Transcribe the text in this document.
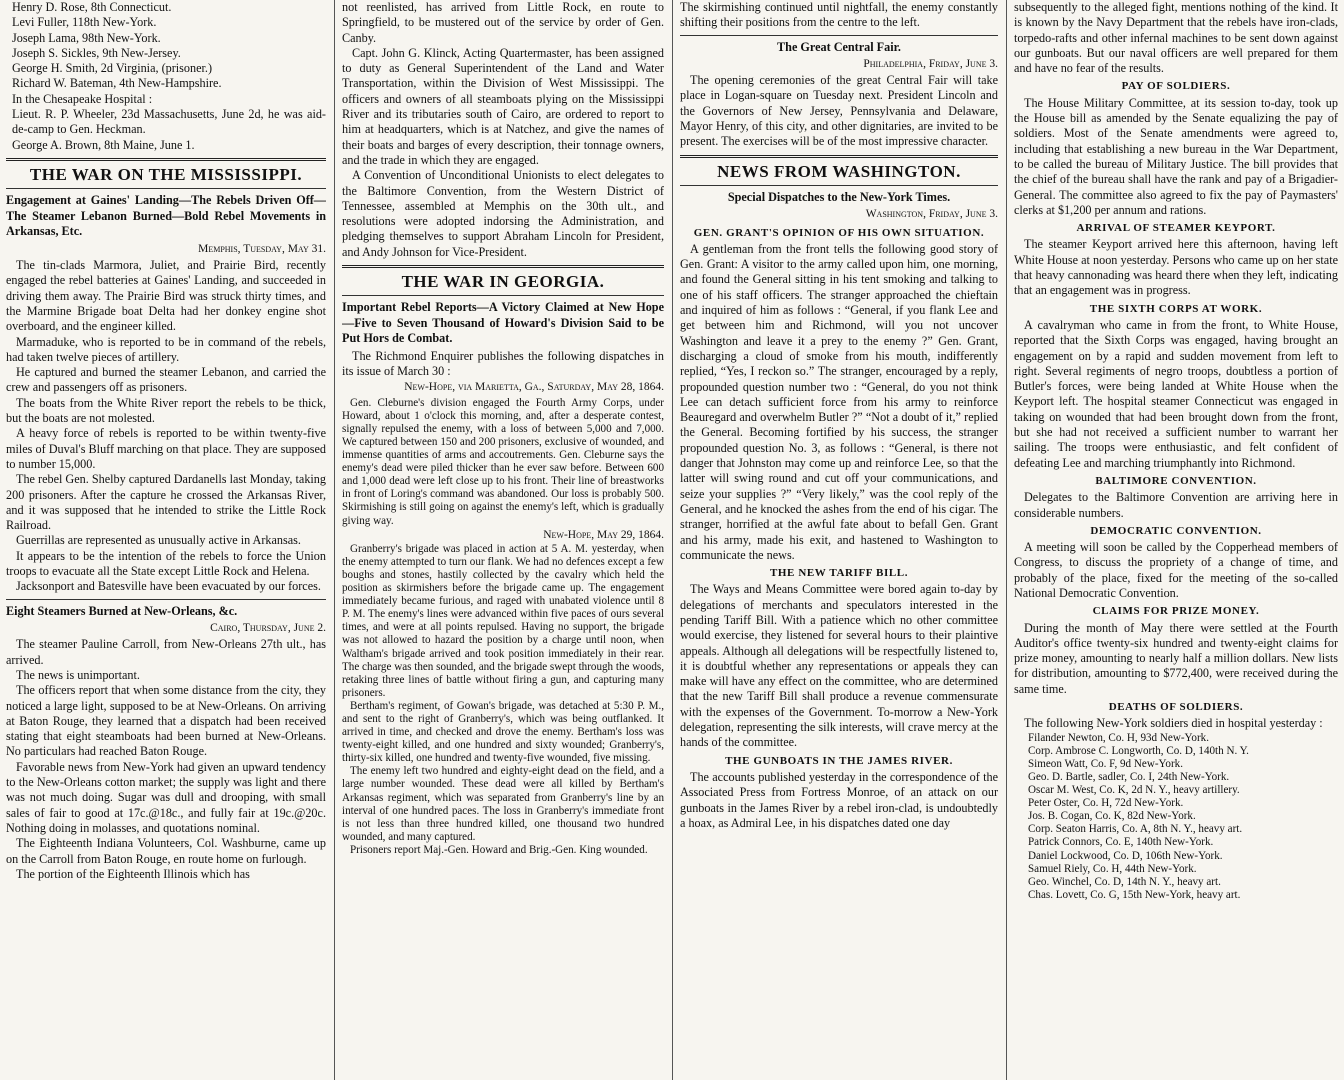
Henry D. Rose, 8th Connecticut.

Levi Fuller, 118th New-York.

Joseph Lama, 98th New-York.

Joseph S. Sickles, 9th New-Jersey.

George H. Smith, 2d Virginia, (prisoner.)

Richard W. Bateman, 4th New-Hampshire.

In the Chesapeake Hospital :

Lieut. R. P. Wheeler, 23d Massachusetts, June 2d, he was aid-de-camp to Gen. Heckman.

George A. Brown, 8th Maine, June 1.

THE WAR ON THE MISSISSIPPI.
Engagement at Gaines' Landing—The Rebels Driven Off—The Steamer Lebanon Burned—Bold Rebel Movements in Arkansas, Etc.
Memphis, Tuesday, May 31.

The tin-clads Marmora, Juliet, and Prairie Bird, recently engaged the rebel batteries at Gaines' Landing, and succeeded in driving them away. The Prairie Bird was struck thirty times, and the Marmine Brigade boat Delta had her donkey engine shot overboard, and the engineer killed.

Marmaduke, who is reported to be in command of the rebels, had taken twelve pieces of artillery.

He captured and burned the steamer Lebanon, and carried the crew and passengers off as prisoners.

The boats from the White River report the rebels to be thick, but the boats are not molested.

A heavy force of rebels is reported to be within twenty-five miles of Duval's Bluff marching on that place. They are supposed to number 15,000.

The rebel Gen. Shelby captured Dardanells last Monday, taking 200 prisoners. After the capture he crossed the Arkansas River, and it was supposed that he intended to strike the Little Rock Railroad.

Guerrillas are represented as unusually active in Arkansas.

It appears to be the intention of the rebels to force the Union troops to evacuate all the State except Little Rock and Helena.

Jacksonport and Batesville have been evacuated by our forces.

Eight Steamers Burned at New-Orleans, &c.
Cairo, Thursday, June 2.

The steamer Pauline Carroll, from New-Orleans 27th ult., has arrived.

The news is unimportant.

The officers report that when some distance from the city, they noticed a large light, supposed to be at New-Orleans. On arriving at Baton Rouge, they learned that a dispatch had been received stating that eight steamboats had been burned at New-Orleans. No particulars had reached Baton Rouge.

Favorable news from New-York had given an upward tendency to the New-Orleans cotton market; the supply was light and there was not much doing. Sugar was dull and drooping, with small sales of fair to good at 17c.@18c., and fully fair at 19c.@20c. Nothing doing in molasses, and quotations nominal.

The Eighteenth Indiana Volunteers, Col. Washburne, came up on the Carroll from Baton Rouge, en route home on furlough.

The portion of the Eighteenth Illinois which has

not reenlisted, has arrived from Little Rock, en route to Springfield, to be mustered out of the service by order of Gen. Canby.

Capt. John G. Klinck, Acting Quartermaster, has been assigned to duty as General Superintendent of the Land and Water Transportation, within the Division of West Mississippi. The officers and owners of all steamboats plying on the Mississippi River and its tributaries south of Cairo, are ordered to report to him at headquarters, which is at Natchez, and give the names of their boats and barges of every description, their tonnage owners, and the trade in which they are engaged.

A Convention of Unconditional Unionists to elect delegates to the Baltimore Convention, from the Western District of Tennessee, assembled at Memphis on the 30th ult., and resolutions were adopted indorsing the Administration, and pledging themselves to support Abraham Lincoln for President, and Andy Johnson for Vice-President.

THE WAR IN GEORGIA.
Important Rebel Reports—A Victory Claimed at New Hope—Five to Seven Thousand of Howard's Division Said to be Put Hors de Combat.

The Richmond Enquirer publishes the following dispatches in its issue of March 30 :

New-Hope, via Marietta, Ga., Saturday, May 28, 1864.

Gen. Cleburne's division engaged the Fourth Army Corps, under Howard, about 1 o'clock this morning, and, after a desperate contest, signally repulsed the enemy, with a loss of between 5,000 and 7,000. We captured between 150 and 200 prisoners, exclusive of wounded, and immense quantities of arms and accoutrements. Gen. Cleburne says the enemy's dead were piled thicker than he ever saw before. Between 600 and 1,000 dead were left close up to his front. Their line of breastworks in front of Loring's command was abandoned. Our loss is probably 500. Skirmishing is still going on against the enemy's left, which is gradually giving way.

New-Hope, May 29, 1864.

Granberry's brigade was placed in action at 5 A. M. yesterday, when the enemy attempted to turn our flank. We had no defences except a few boughs and stones, hastily collected by the cavalry which held the position as skirmishers before the brigade came up. The engagement immediately became furious, and raged with unabated violence until 8 P. M. The enemy's lines were advanced within five paces of ours several times, and were at all points repulsed. Having no support, the brigade was not allowed to hazard the position by a charge until noon, when Waltham's brigade arrived and took position immediately in their rear. The charge was then sounded, and the brigade swept through the woods, retaking three lines of battle without firing a gun, and capturing many prisoners.

Bertham's regiment, of Gowan's brigade, was detached at 5:30 P. M., and sent to the right of Granberry's, which was being outflanked. It arrived in time, and checked and drove the enemy. Bertham's loss was twenty-eight killed, and one hundred and sixty wounded; Granberry's, thirty-six killed, one hundred and twenty-five wounded, five missing.

The enemy left two hundred and eighty-eight dead on the field, and a large number wounded. These dead were all killed by Bertham's Arkansas regiment, which was separated from Granberry's line by an interval of one hundred paces. The loss in Granberry's immediate front is not less than three hundred killed, one thousand two hundred wounded, and many captured.

Prisoners report Maj.-Gen. Howard and Brig.-Gen. King wounded.

The skirmishing continued until nightfall, the enemy constantly shifting their positions from the centre to the left.

The Great Central Fair.
Philadelphia, Friday, June 3.

The opening ceremonies of the great Central Fair will take place in Logan-square on Tuesday next. President Lincoln and the Governors of New Jersey, Pennsylvania and Delaware, Mayor Henry, of this city, and other dignitaries, are invited to be present. The exercises will be of the most impressive character.

NEWS FROM WASHINGTON.
Special Dispatches to the New-York Times.
Washington, Friday, June 3.
GEN. GRANT'S OPINION OF HIS OWN SITUATION.

A gentleman from the front tells the following good story of Gen. Grant: A visitor to the army called upon him, one morning, and found the General sitting in his tent smoking and talking to one of his staff officers. The stranger approached the chieftain and inquired of him as follows : “General, if you flank Lee and get between him and Richmond, will you not uncover Washington and leave it a prey to the enemy ?” Gen. Grant, discharging a cloud of smoke from his mouth, indifferently replied, “Yes, I reckon so.” The stranger, encouraged by a reply, propounded question number two : “General, do you not think Lee can detach sufficient force from his army to reinforce Beauregard and overwhelm Butler ?” “Not a doubt of it,” replied the General. Becoming fortified by his success, the stranger propounded question No. 3, as follows : “General, is there not danger that Johnston may come up and reinforce Lee, so that the latter will swing round and cut off your communications, and seize your supplies ?” “Very likely,” was the cool reply of the General, and he knocked the ashes from the end of his cigar. The stranger, horrified at the awful fate about to befall Gen. Grant and his army, made his exit, and hastened to Washington to communicate the news.

THE NEW TARIFF BILL.

The Ways and Means Committee were bored again to-day by delegations of merchants and speculators interested in the pending Tariff Bill. With a patience which no other committee would exercise, they listened for several hours to their plaintive appeals. Although all delegations will be respectfully listened to, it is doubtful whether any representations or appeals they can make will have any effect on the committee, who are determined that the new Tariff Bill shall produce a revenue commensurate with the expenses of the Government. To-morrow a New-York delegation, representing the silk interests, will crave mercy at the hands of the committee.

THE GUNBOATS IN THE JAMES RIVER.

The accounts published yesterday in the correspondence of the Associated Press from Fortress Monroe, of an attack on our gunboats in the James River by a rebel iron-clad, is undoubtedly a hoax, as Admiral Lee, in his dispatches dated one day

subsequently to the alleged fight, mentions nothing of the kind. It is known by the Navy Department that the rebels have iron-clads, torpedo-rafts and other infernal machines to be sent down against our gunboats. But our naval officers are well prepared for them and have no fear of the results.

PAY OF SOLDIERS.

The House Military Committee, at its session to-day, took up the House bill as amended by the Senate equalizing the pay of soldiers. Most of the Senate amendments were agreed to, including that establishing a new bureau in the War Department, to be called the bureau of Military Justice. The bill provides that the chief of the bureau shall have the rank and pay of a Brigadier-General. The committee also agreed to fix the pay of Paymasters' clerks at $1,200 per annum and rations.

ARRIVAL OF STEAMER KEYPORT.

The steamer Keyport arrived here this afternoon, having left White House at noon yesterday. Persons who came up on her state that heavy cannonading was heard there when they left, indicating that an engagement was in progress.

THE SIXTH CORPS AT WORK.

A cavalryman who came in from the front, to White House, reported that the Sixth Corps was engaged, having brought an engagement on by a rapid and sudden movement from left to right. Several regiments of negro troops, doubtless a portion of Butler's forces, were being landed at White House when the Keyport left. The hospital steamer Connecticut was engaged in taking on wounded that had been brought down from the front, but she had not received a sufficient number to warrant her sailing. The troops were enthusiastic, and felt confident of defeating Lee and marching triumphantly into Richmond.

BALTIMORE CONVENTION.

Delegates to the Baltimore Convention are arriving here in considerable numbers.

DEMOCRATIC CONVENTION.

A meeting will soon be called by the Copperhead members of Congress, to discuss the propriety of a change of time, and probably of the place, fixed for the meeting of the so-called National Democratic Convention.

CLAIMS FOR PRIZE MONEY.

During the month of May there were settled at the Fourth Auditor's office twenty-six hundred and twenty-eight claims for prize money, amounting to nearly half a million dollars. New lists for distribution, amounting to $772,400, were received during the same time.

DEATHS OF SOLDIERS.

The following New-York soldiers died in hospital yesterday :

Filander Newton, Co. H, 93d New-York.

Corp. Ambrose C. Longworth, Co. D, 140th N. Y.

Simeon Watt, Co. F, 9d New-York.

Geo. D. Bartle, sadler, Co. I, 24th New-York.

Oscar M. West, Co. K, 2d N. Y., heavy artillery.

Peter Oster, Co. H, 72d New-York.

Jos. B. Cogan, Co. K, 82d New-York.

Corp. Seaton Harris, Co. A, 8th N. Y., heavy art.

Patrick Connors, Co. E, 140th New-York.

Daniel Lockwood, Co. D, 106th New-York.

Samuel Riely, Co. H, 44th New-York.

Geo. Winchel, Co. D, 14th N. Y., heavy art.

Chas. Lovett, Co. G, 15th New-York, heavy art.
